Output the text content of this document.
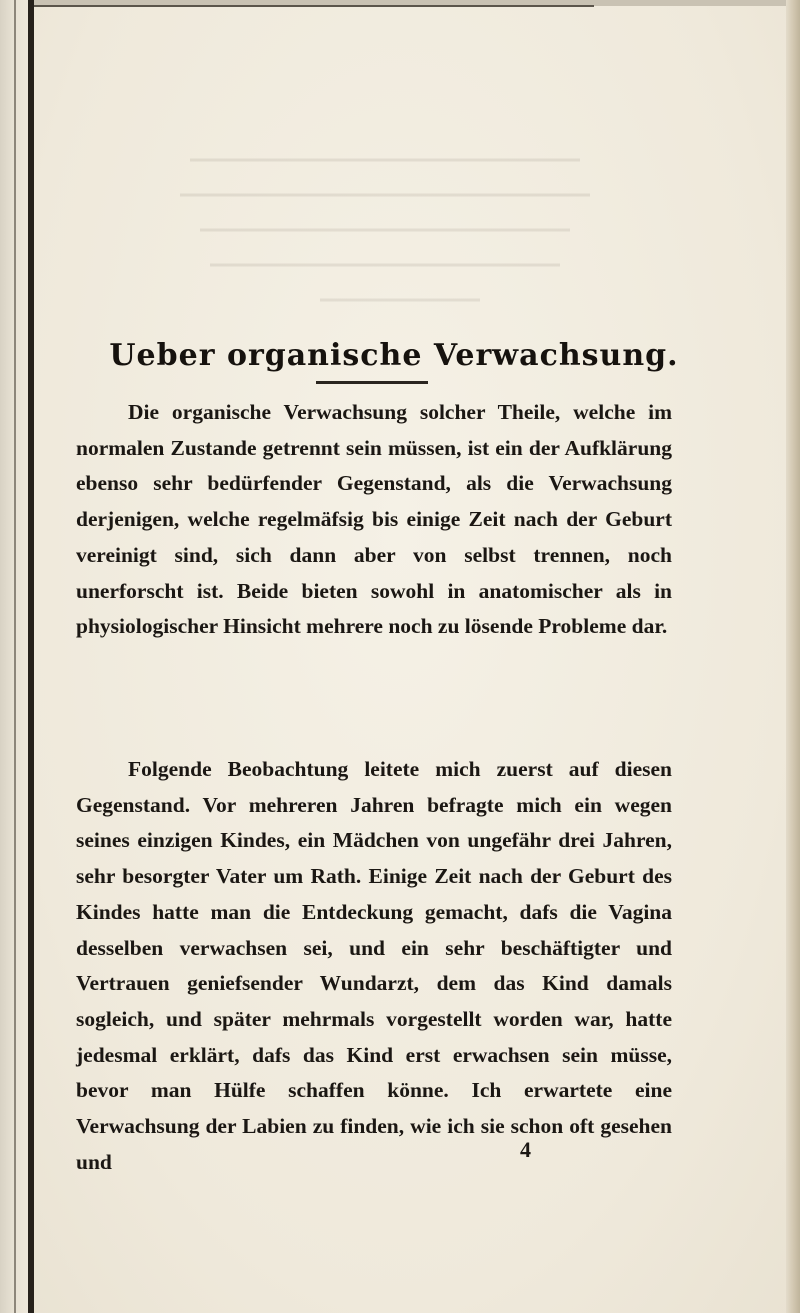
Ueber organische Verwachsung.

Die organische Verwachsung solcher Theile, welche im normalen Zustande getrennt sein müssen, ist ein der Aufklärung ebenso sehr bedürfender Gegenstand, als die Verwachsung derjenigen, welche regelmäfsig bis einige Zeit nach der Geburt vereinigt sind, sich dann aber von selbst trennen, noch unerforscht ist. Beide bieten sowohl in anatomischer als in physiologischer Hinsicht mehrere noch zu lösende Probleme dar.

Folgende Beobachtung leitete mich zuerst auf diesen Gegenstand. Vor mehreren Jahren befragte mich ein wegen seines einzigen Kindes, ein Mädchen von ungefähr drei Jahren, sehr besorgter Vater um Rath. Einige Zeit nach der Geburt des Kindes hatte man die Entdeckung gemacht, dafs die Vagina desselben verwachsen sei, und ein sehr beschäftigter und Vertrauen geniefsender Wundarzt, dem das Kind damals sogleich, und später mehrmals vorgestellt worden war, hatte jedesmal erklärt, dafs das Kind erst erwachsen sein müsse, bevor man Hülfe schaffen könne. Ich erwartete eine Verwachsung der Labien zu finden, wie ich sie schon oft gesehen und	4
